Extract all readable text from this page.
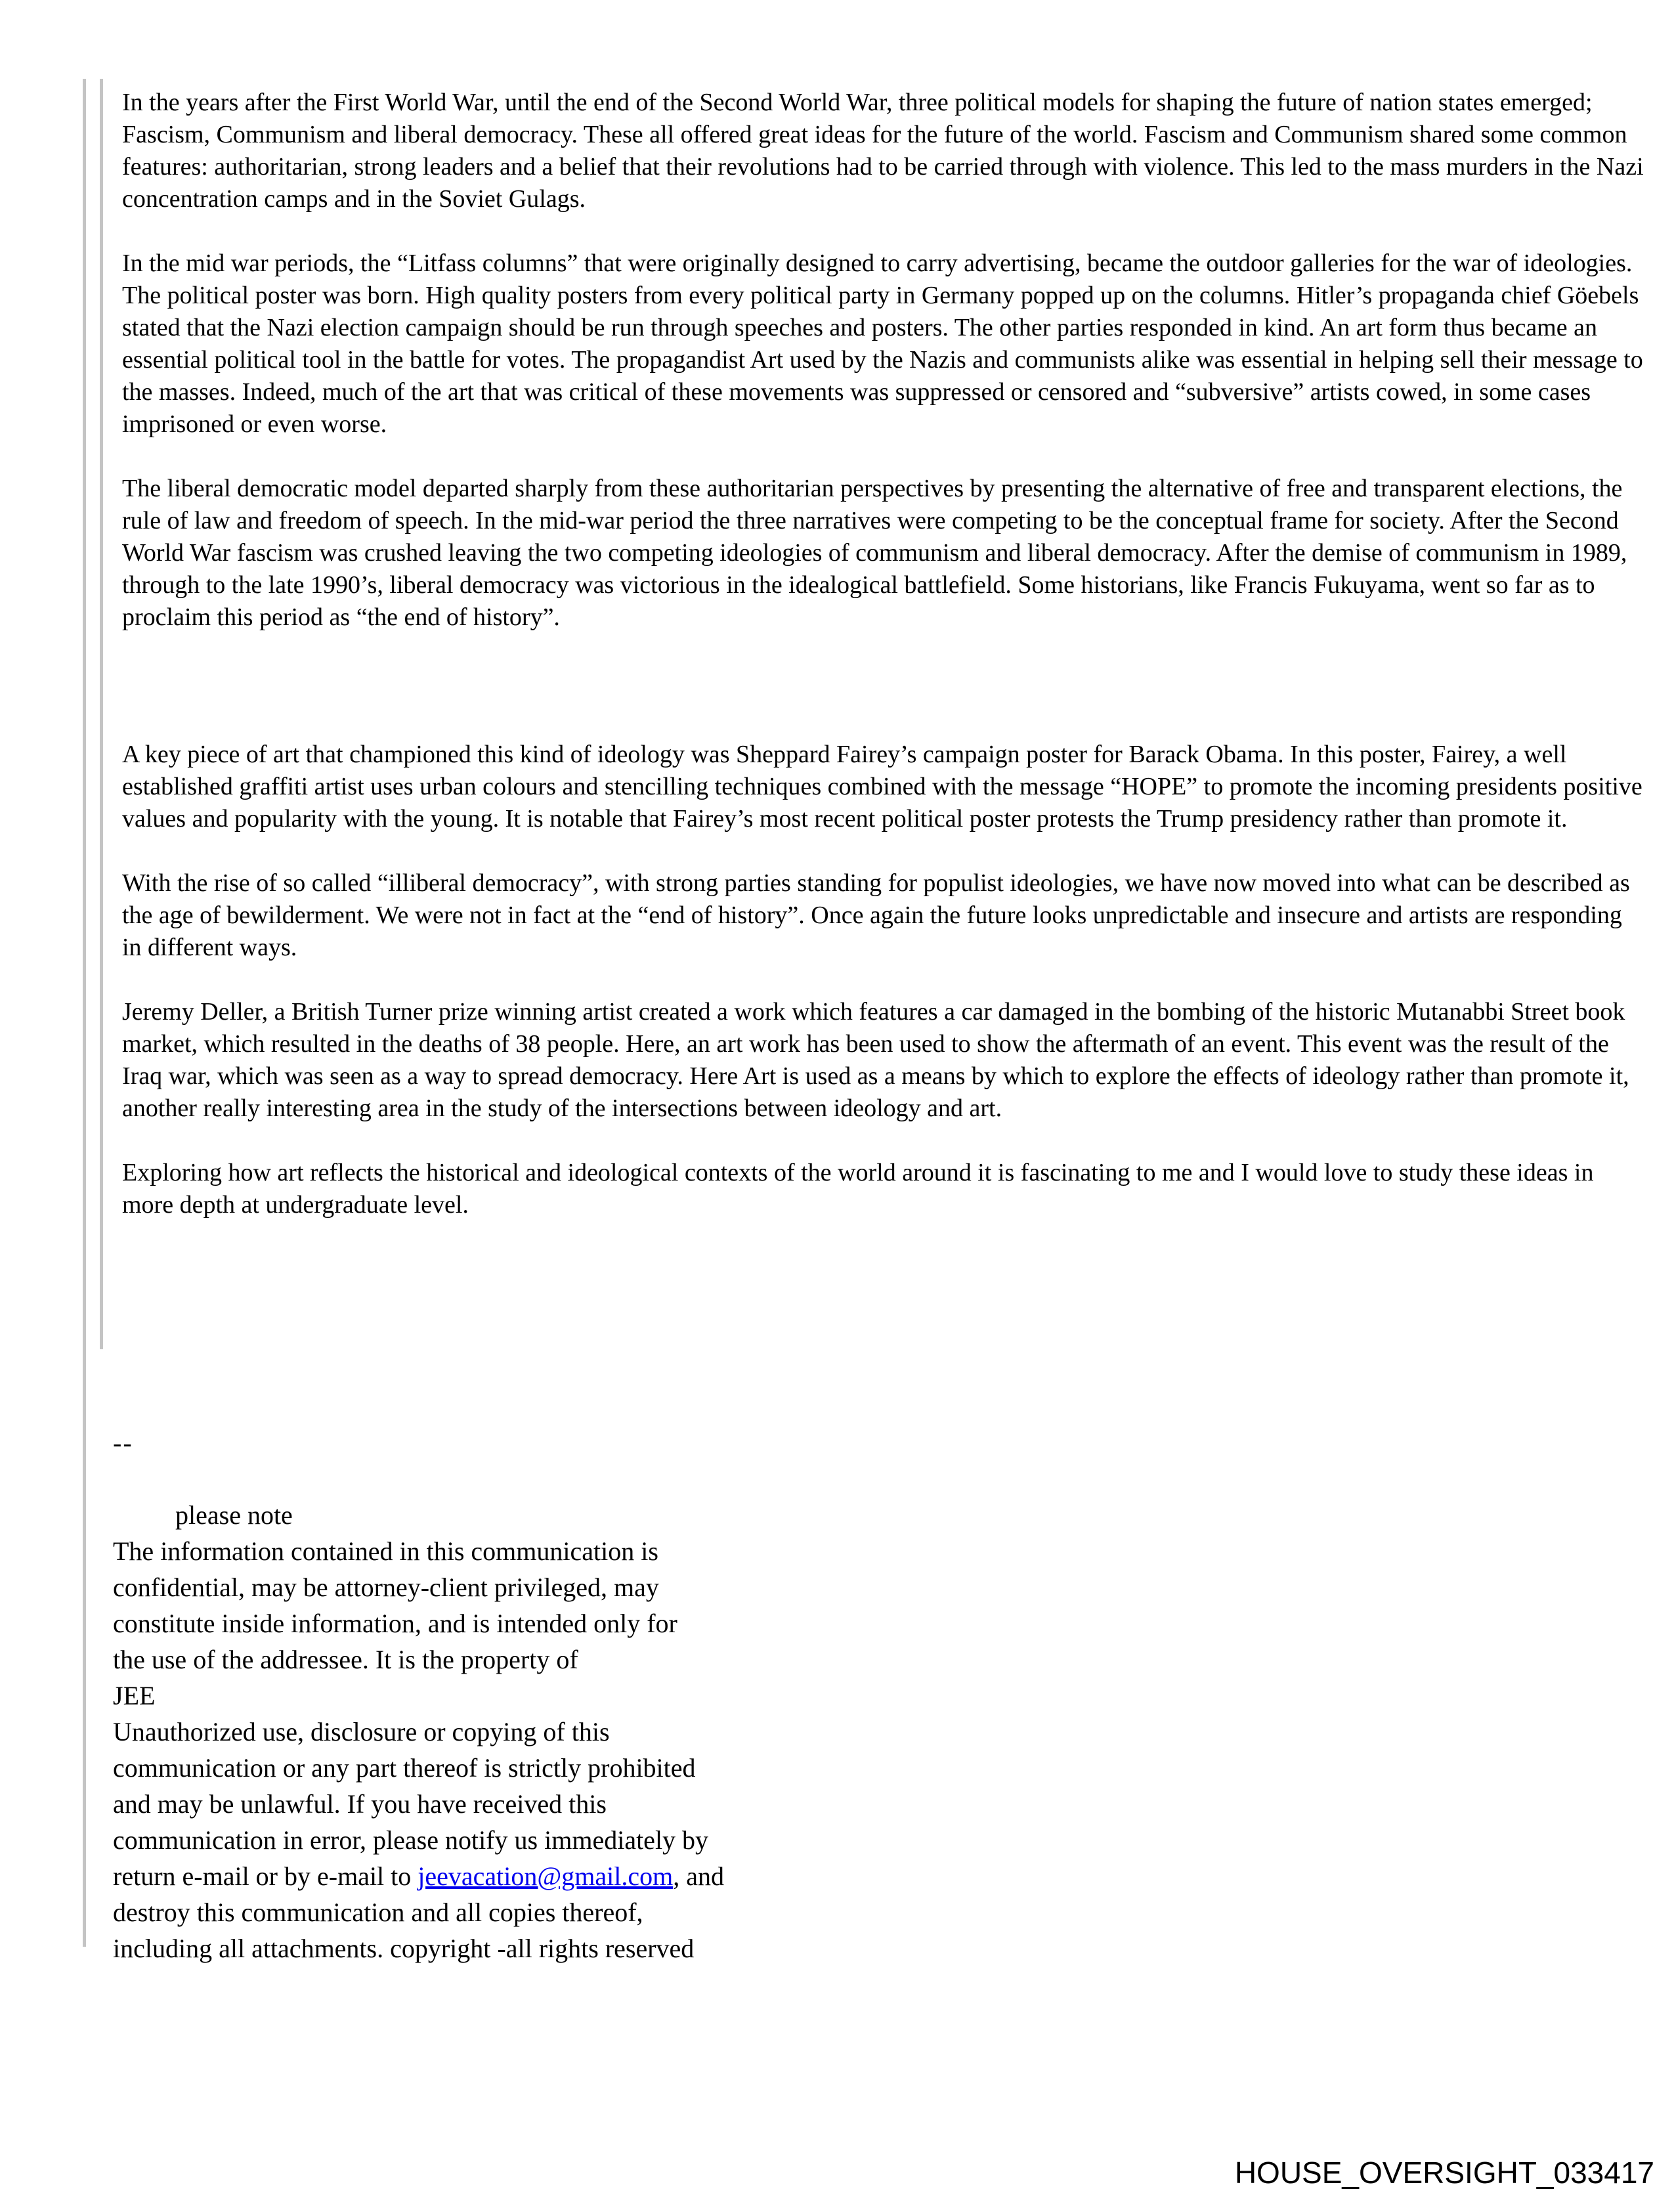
In the years after the First World War, until the end of the Second World War, three political models for shaping the future of nation states emerged; Fascism, Communism and liberal democracy. These all offered great ideas for the future of the world. Fascism and Communism shared some common features: authoritarian, strong leaders and a belief that their revolutions had to be carried through with violence. This led to the mass murders in the Nazi concentration camps and in the Soviet Gulags.

In the mid war periods, the “Litfass columns” that were originally designed to carry advertising, became the outdoor galleries for the war of ideologies. The political poster was born. High quality posters from every political party in Germany popped up on the columns. Hitler’s propaganda chief Göebels stated that the Nazi election campaign should be run through speeches and posters. The other parties responded in kind. An art form thus became an essential political tool in the battle for votes. The propagandist Art used by the Nazis and communists alike was essential in helping sell their message to the masses. Indeed, much of the art that was critical of these movements was suppressed or censored and “subversive” artists cowed, in some cases imprisoned or even worse.

The liberal democratic model departed sharply from these authoritarian perspectives by presenting the alternative of free and transparent elections, the rule of law and freedom of speech. In the mid-war period the three narratives were competing to be the conceptual frame for society. After the Second World War fascism was crushed leaving the two competing ideologies of communism and liberal democracy. After the demise of communism in 1989, through to the late 1990’s, liberal democracy was victorious in the idealogical battlefield. Some historians, like Francis Fukuyama, went so far as to proclaim this period as “the end of history”.

A key piece of art that championed this kind of ideology was Sheppard Fairey’s campaign poster for Barack Obama. In this poster, Fairey, a well established graffiti artist uses urban colours and stencilling techniques combined with the message “HOPE” to promote the incoming presidents positive values and popularity with the young. It is notable that Fairey’s most recent political poster protests the Trump presidency rather than promote it.

With the rise of so called “illiberal democracy”, with strong parties standing for populist ideologies, we have now moved into what can be described as the age of bewilderment. We were not in fact at the “end of history”. Once again the future looks unpredictable and insecure and artists are responding in different ways.

Jeremy Deller, a British Turner prize winning artist created a work which features a car damaged in the bombing of the historic Mutanabbi Street book market, which resulted in the deaths of 38 people. Here, an art work has been used to show the aftermath of an event. This event was the result of the Iraq war, which was seen as a way to spread democracy. Here Art is used as a means by which to explore the effects of ideology rather than promote it, another really interesting area in the study of the intersections between ideology and art.

Exploring how art reflects the historical and ideological contexts of the world around it is fascinating to me and I would love to study these ideas in more depth at undergraduate level.

--
please note
The information contained in this communication is
confidential, may be attorney-client privileged, may
constitute inside information, and is intended only for
the use of the addressee. It is the property of
JEE
Unauthorized use, disclosure or copying of this
communication or any part thereof is strictly prohibited
and may be unlawful. If you have received this
communication in error, please notify us immediately by
return e-mail or by e-mail to jeevacation@gmail.com, and
destroy this communication and all copies thereof,
including all attachments. copyright -all rights reserved
HOUSE_OVERSIGHT_033417
